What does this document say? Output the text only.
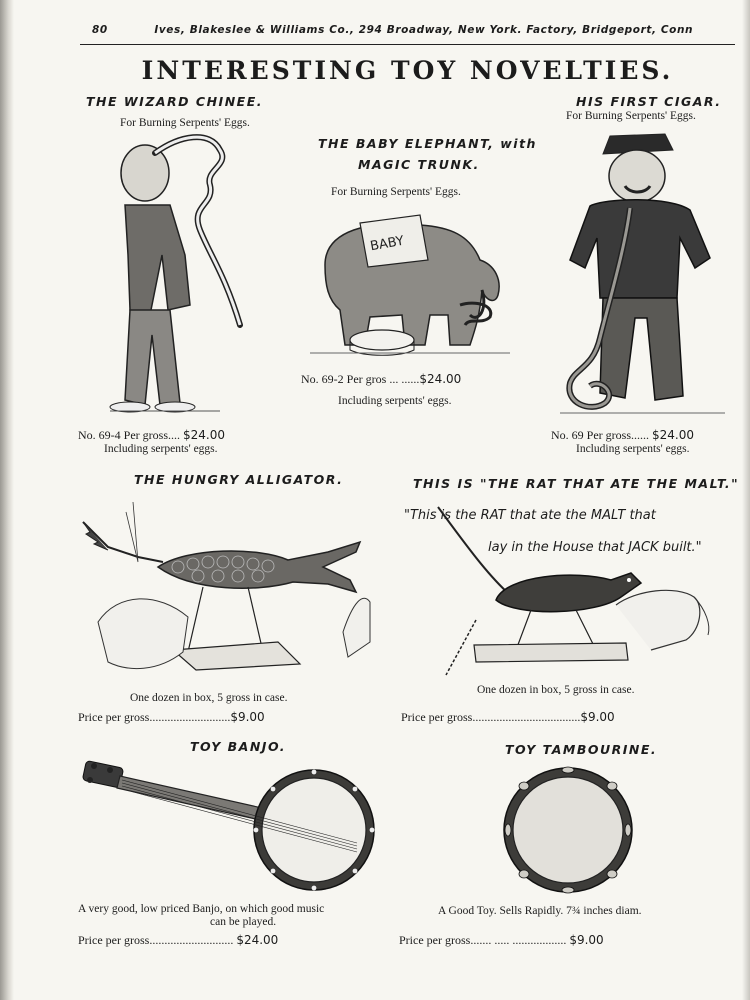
80	Ives, Blakeslee & Williams Co., 294 Broadway, New York. Factory, Bridgeport, Conn
INTERESTING TOY NOVELTIES.
THE WIZARD CHINEE.
For Burning Serpents' Eggs.
No. 69-4 Per gross.... $24.00
Including serpents' eggs.
THE BABY ELEPHANT, with
MAGIC TRUNK.
For Burning Serpents' Eggs.
BABY
No. 69-2 Per gros ... ......$24.00
Including serpents' eggs.
HIS FIRST CIGAR.
For Burning Serpents' Eggs.
No. 69 Per gross...... $24.00
Including serpents' eggs.
THE HUNGRY ALLIGATOR.
One dozen in box, 5 gross in case.
Price per gross...........................$9.00
THIS IS "THE RAT THAT ATE THE MALT."
"This is the RAT that ate the MALT that
lay in the House that JACK built."
One dozen in box, 5 gross in case.
Price per gross....................................$9.00
TOY BANJO.
A very good, low priced Banjo, on which good music
can be played.
Price per gross............................ $24.00
TOY TAMBOURINE.
A Good Toy. Sells Rapidly. 7¾ inches diam.
Price per gross....... ..... .................. $9.00
